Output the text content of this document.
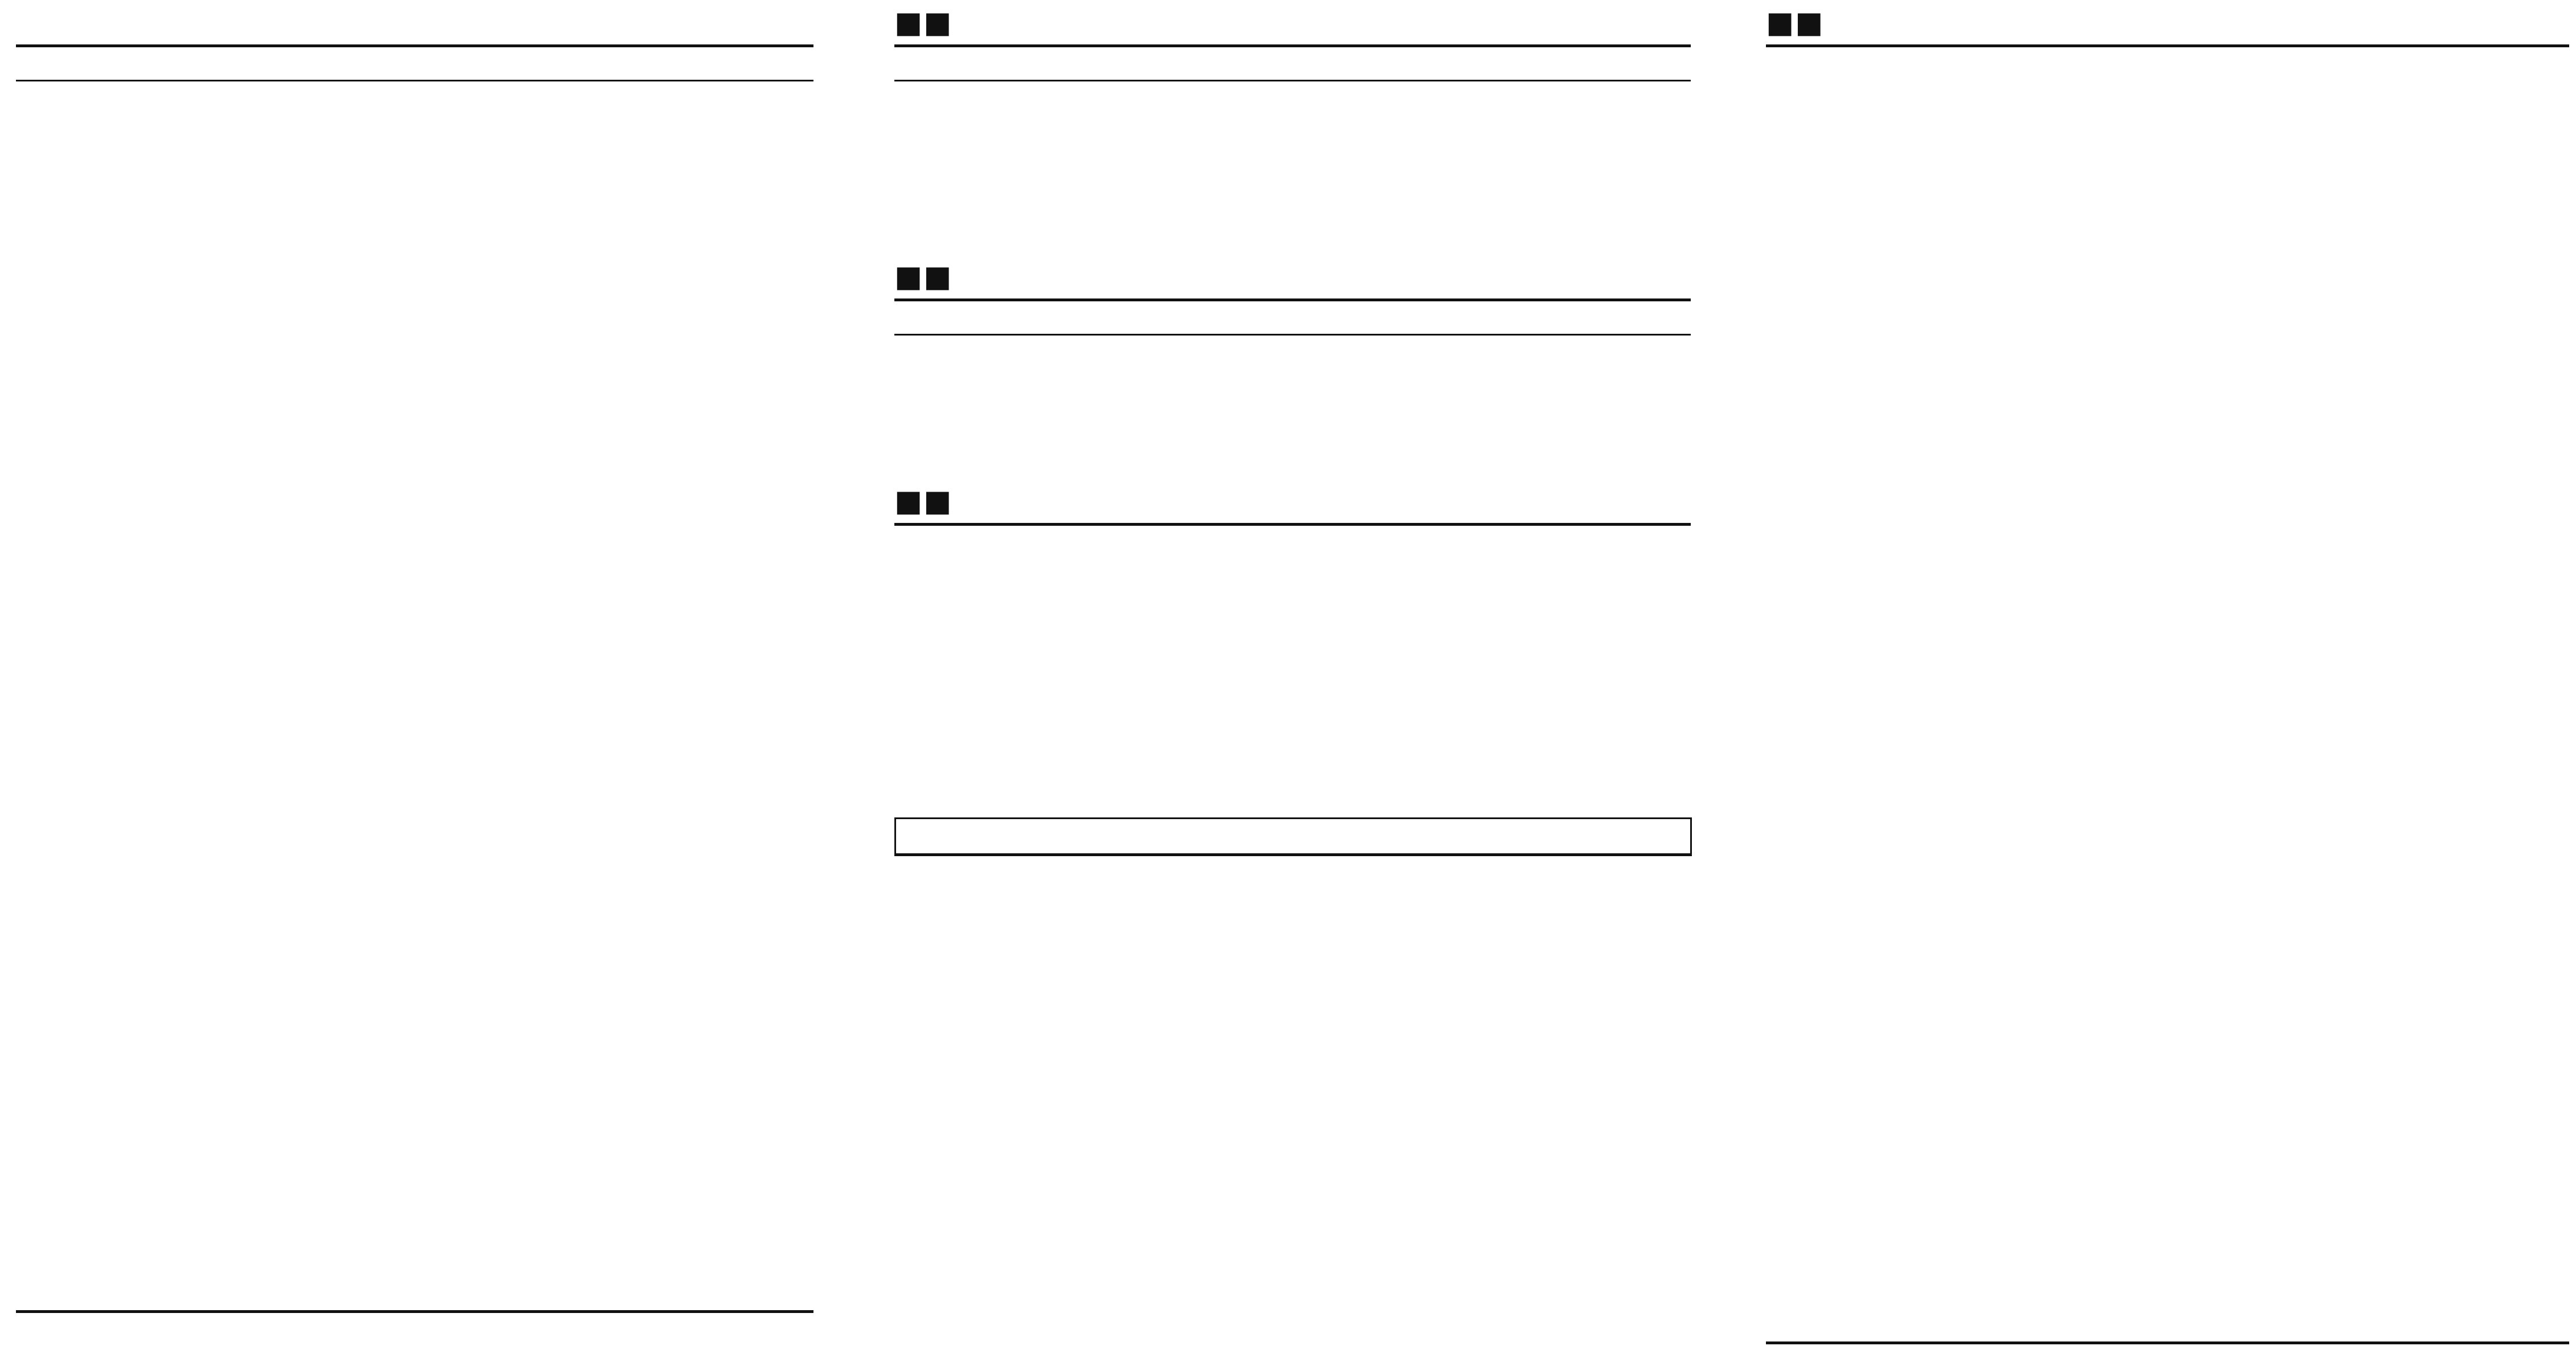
■■
■■
■■
■■
